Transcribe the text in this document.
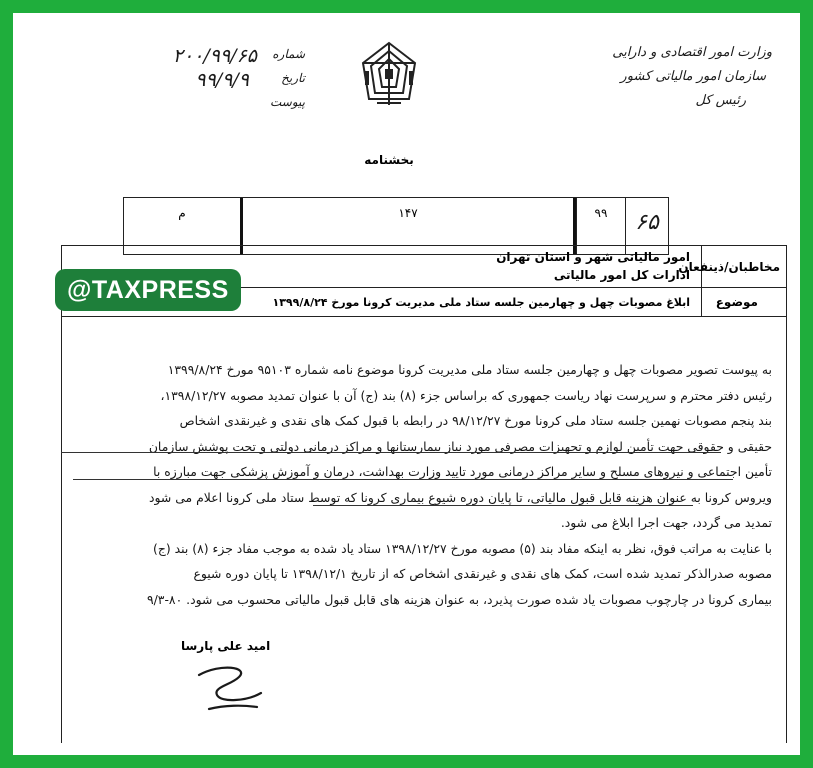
وزارت امور اقتصادی و دارایی
سازمان امور مالیاتی کشور
رئیس کل
بخشنامه
شماره
۲۰۰/۹۹/۶۵
تاریخ
۹۹/۹/۹
پیوست
۶۵
۹۹
۱۴۷
م
مخاطبان/ذینفعان
امور مالیاتی شهر و استان تهران
ادارات کل امور مالیاتی
موضوع
ابلاغ مصوبات چهل و چهارمین جلسه ستاد ملی مدیریت کرونا مورخ ۱۳۹۹/۸/۲۴
@TAXPRESS

به پیوست تصویر مصوبات چهل و چهارمین جلسه ستاد ملی مدیریت کرونا موضوع نامه شماره ۹۵۱۰۳ مورخ ۱۳۹۹/۸/۲۴

رئیس دفتر محترم و سرپرست نهاد ریاست جمهوری که براساس جزء (۸) بند (ج) آن با عنوان تمدید مصوبه ۱۳۹۸/۱۲/۲۷،

بند پنجم مصوبات نهمین جلسه ستاد ملی کرونا مورخ ۹۸/۱۲/۲۷ در رابطه با قبول کمک های نقدی و غیرنقدی اشخاص

حقیقی و حقوقی جهت تأمین لوازم و تجهیزات مصرفی مورد نیاز بیمارستانها و مراکز درمانی دولتی و تحت پوشش سازمان

تأمین اجتماعی و نیروهای مسلح و سایر مراکز درمانی مورد تایید وزارت بهداشت، درمان و آموزش پزشکی جهت مبارزه با

ویروس کرونا به عنوان هزینه قابل قبول مالیاتی، تا پایان دوره شیوع بیماری کرونا که توسط ستاد ملی کرونا اعلام می شود

تمدید می گردد، جهت اجرا ابلاغ می شود.

با عنایت به مراتب فوق، نظر به اینکه مفاد بند (۵) مصوبه مورخ ۱۳۹۸/۱۲/۲۷ ستاد یاد شده به موجب مفاد جزء (۸) بند (ج)

مصوبه صدرالذکر تمدید شده است، کمک های نقدی و غیرنقدی اشخاص که از تاریخ ۱۳۹۸/۱۲/۱ تا پایان دوره شیوع

بیماری کرونا در چارچوب مصوبات یاد شده صورت پذیرد، به عنوان هزینه های قابل قبول مالیاتی محسوب می شود. ۸۰-۹/۳

امید علی پارسا
